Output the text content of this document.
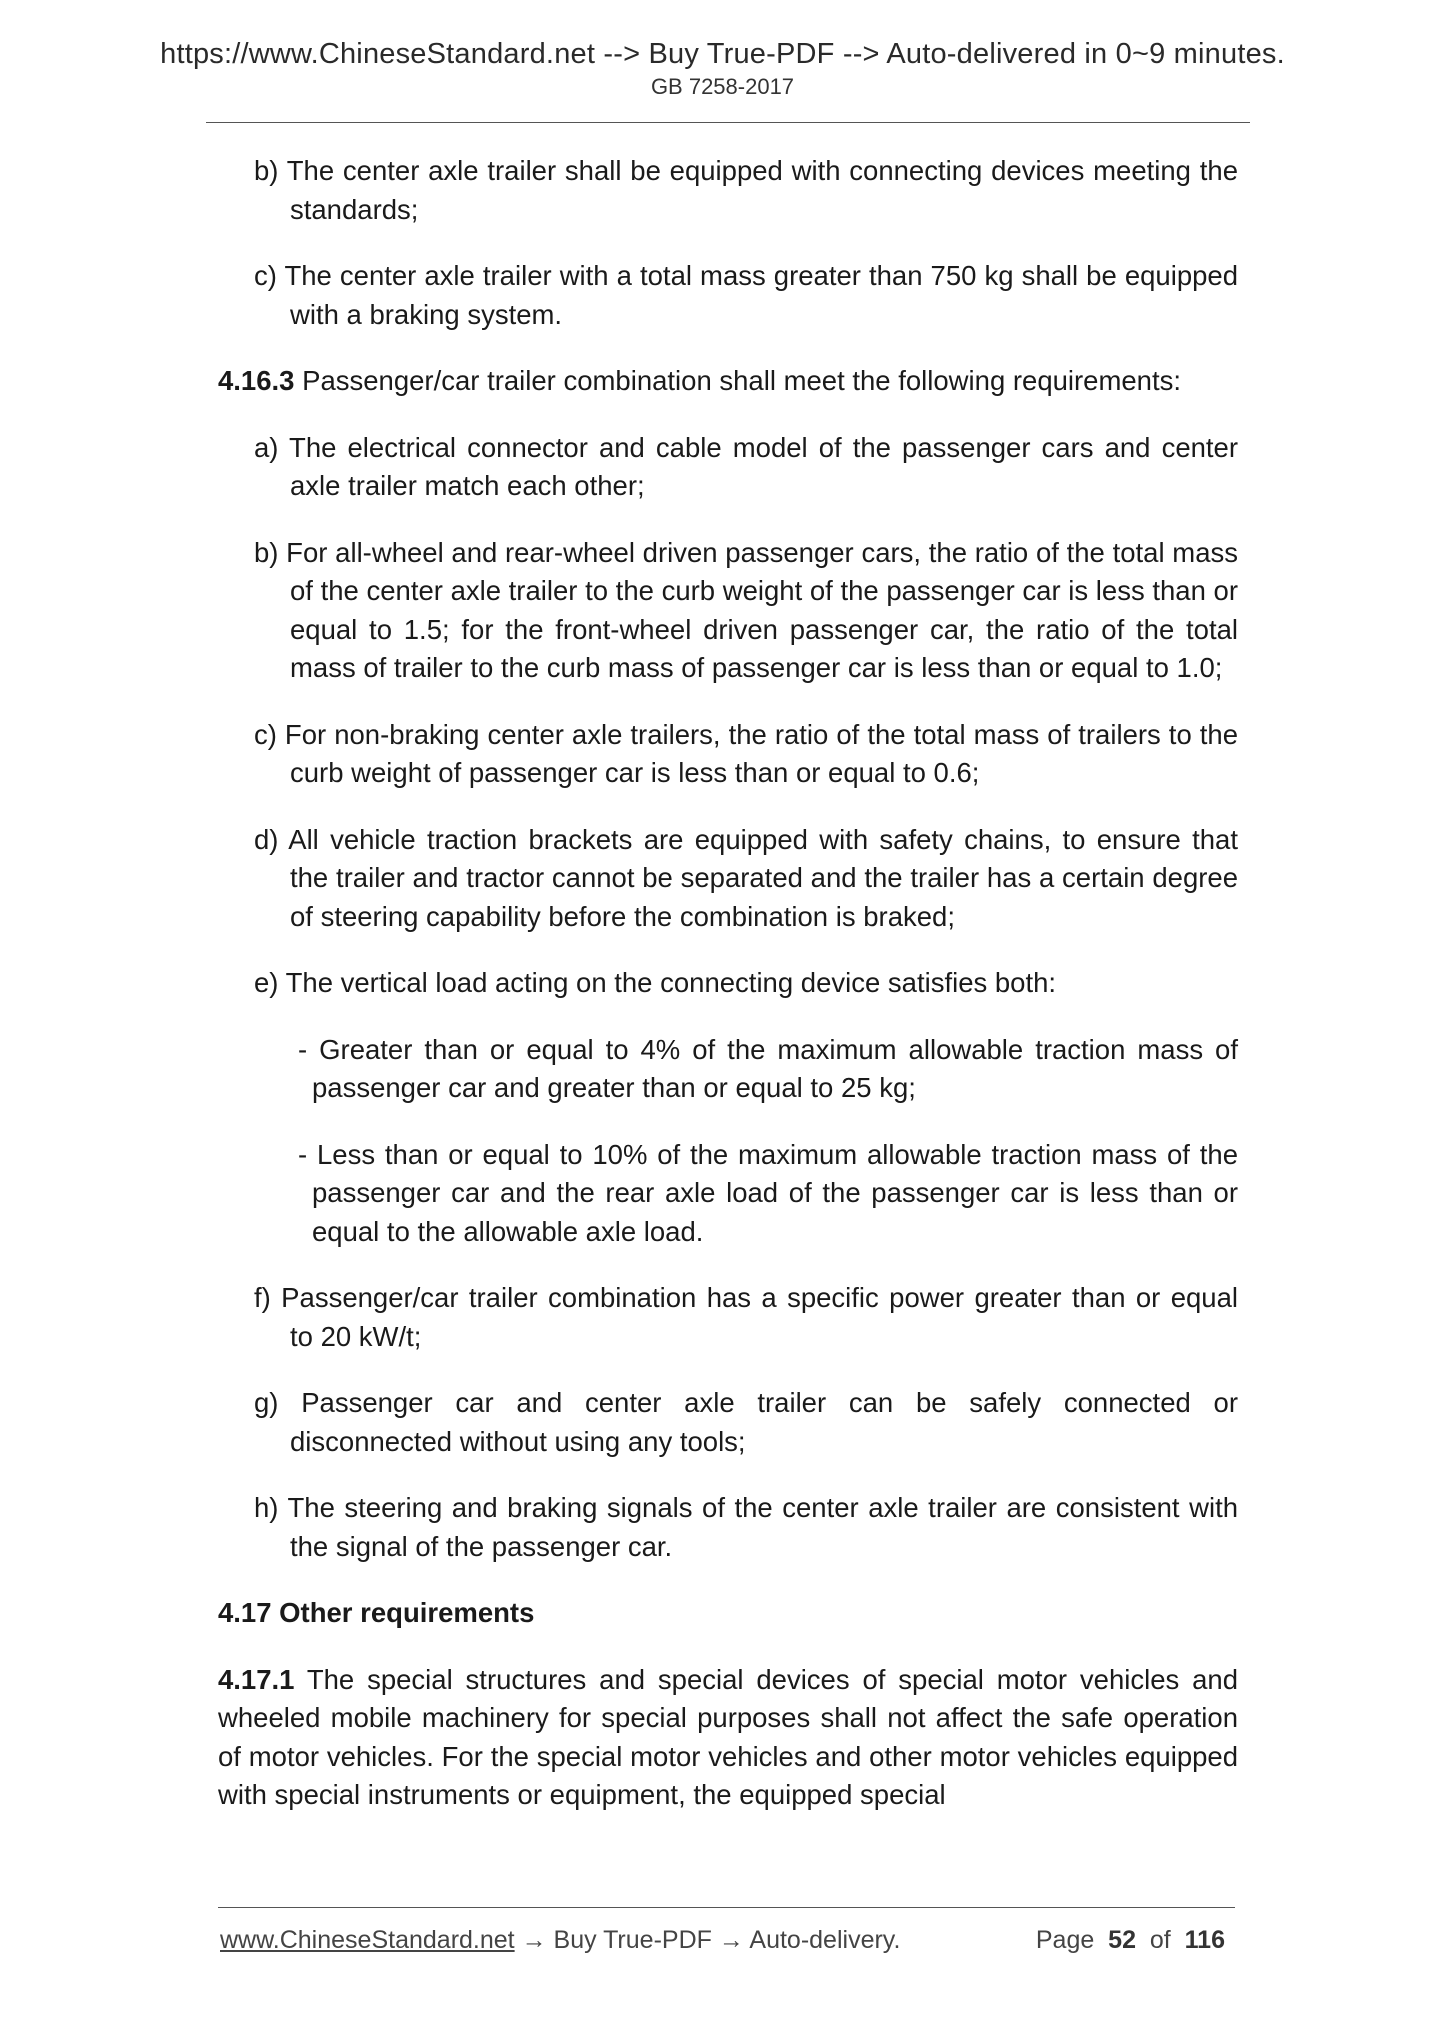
https://www.ChineseStandard.net --> Buy True-PDF --> Auto-delivered in 0~9 minutes.
GB 7258-2017

b) The center axle trailer shall be equipped with connecting devices meeting the standards;

c) The center axle trailer with a total mass greater than 750 kg shall be equipped with a braking system.

4.16.3 Passenger/car trailer combination shall meet the following requirements:

a) The electrical connector and cable model of the passenger cars and center axle trailer match each other;

b) For all-wheel and rear-wheel driven passenger cars, the ratio of the total mass of the center axle trailer to the curb weight of the passenger car is less than or equal to 1.5; for the front-wheel driven passenger car, the ratio of the total mass of trailer to the curb mass of passenger car is less than or equal to 1.0;

c) For non-braking center axle trailers, the ratio of the total mass of trailers to the curb weight of passenger car is less than or equal to 0.6;

d) All vehicle traction brackets are equipped with safety chains, to ensure that the trailer and tractor cannot be separated and the trailer has a certain degree of steering capability before the combination is braked;

e) The vertical load acting on the connecting device satisfies both:

- Greater than or equal to 4% of the maximum allowable traction mass of passenger car and greater than or equal to 25 kg;

- Less than or equal to 10% of the maximum allowable traction mass of the passenger car and the rear axle load of the passenger car is less than or equal to the allowable axle load.

f) Passenger/car trailer combination has a specific power greater than or equal to 20 kW/t;

g) Passenger car and center axle trailer can be safely connected or disconnected without using any tools;

h) The steering and braking signals of the center axle trailer are consistent with the signal of the passenger car.

4.17 Other requirements

4.17.1 The special structures and special devices of special motor vehicles and wheeled mobile machinery for special purposes shall not affect the safe operation of motor vehicles. For the special motor vehicles and other motor vehicles equipped with special instruments or equipment, the equipped special

www.ChineseStandard.net → Buy True-PDF → Auto-delivery.	Page 52 of 116
